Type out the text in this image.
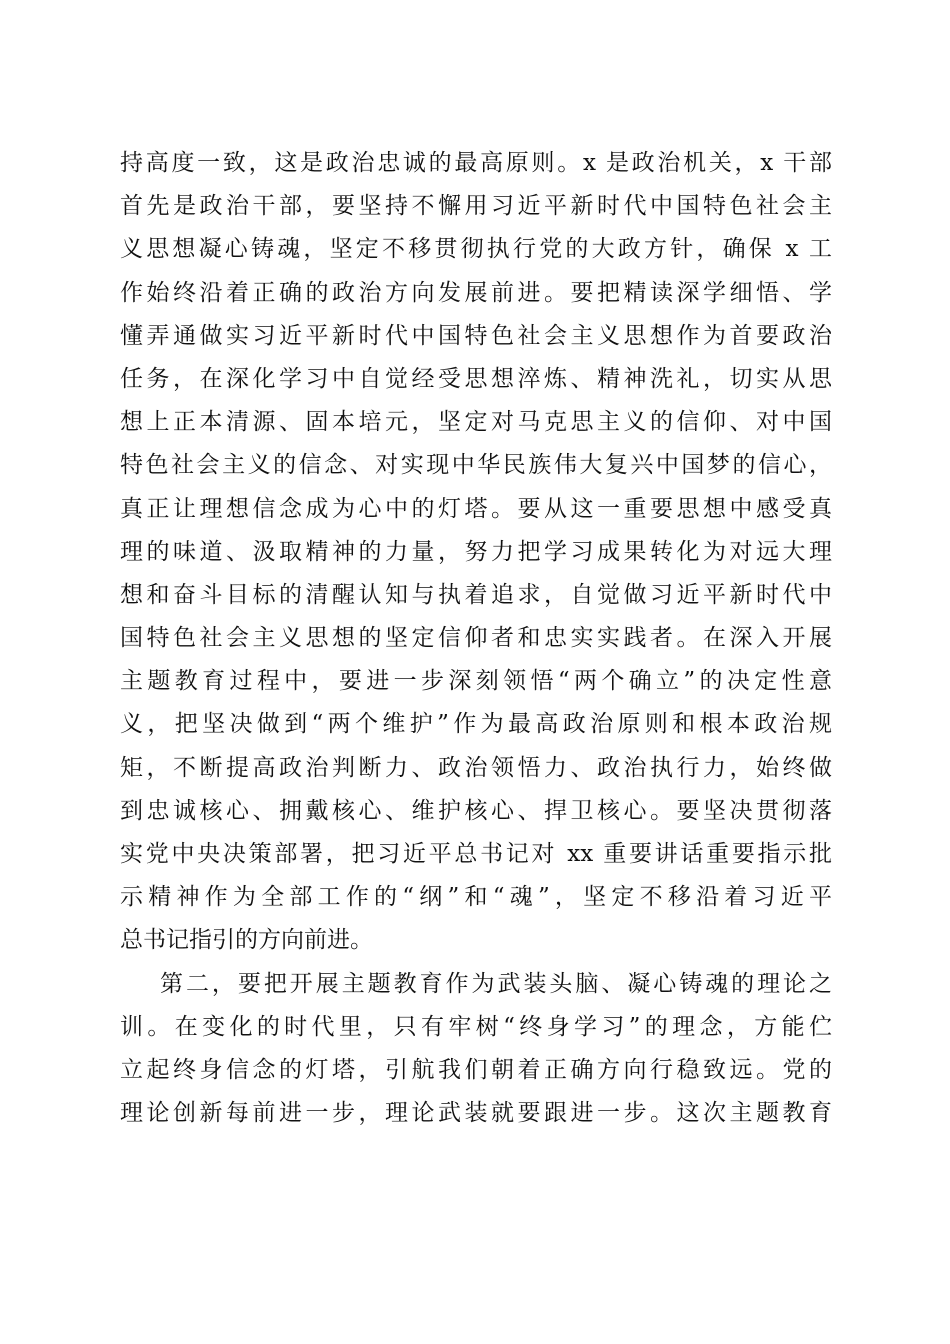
持高度一致，这是政治忠诚的最高原则。x 是政治机关，x 干部
首先是政治干部，要坚持不懈用习近平新时代中国特色社会主
义思想凝心铸魂，坚定不移贯彻执行党的大政方针，确保 x 工
作始终沿着正确的政治方向发展前进。要把精读深学细悟、学
懂弄通做实习近平新时代中国特色社会主义思想作为首要政治
任务，在深化学习中自觉经受思想淬炼、精神洗礼，切实从思
想上正本清源、固本培元，坚定对马克思主义的信仰、对中国
特色社会主义的信念、对实现中华民族伟大复兴中国梦的信心，
真正让理想信念成为心中的灯塔。要从这一重要思想中感受真
理的味道、汲取精神的力量，努力把学习成果转化为对远大理
想和奋斗目标的清醒认知与执着追求，自觉做习近平新时代中
国特色社会主义思想的坚定信仰者和忠实实践者。在深入开展
主题教育过程中，要进一步深刻领悟“两个确立”的决定性意
义，把坚决做到“两个维护”作为最高政治原则和根本政治规
矩，不断提高政治判断力、政治领悟力、政治执行力，始终做
到忠诚核心、拥戴核心、维护核心、捍卫核心。要坚决贯彻落
实党中央决策部署，把习近平总书记对 xx 重要讲话重要指示批
示精神作为全部工作的“纲”和“魂”，坚定不移沿着习近平
总书记指引的方向前进。
第二，要把开展主题教育作为武装头脑、凝心铸魂的理论之
训。在变化的时代里，只有牢树“终身学习”的理念，方能伫
立起终身信念的灯塔，引航我们朝着正确方向行稳致远。党的
理论创新每前进一步，理论武装就要跟进一步。这次主题教育
